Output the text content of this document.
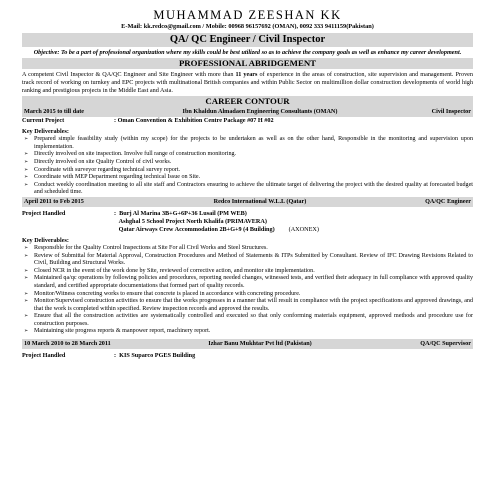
MUHAMMAD ZEESHAN KK
E-Mail: kk.redco@gmail.com / Mobile: 00968 96157692 (OMAN), 0092 333 9411159(Pakistan)
QA/ QC Engineer / Civil Inspector
Objective: To be a part of professional organization where my skills could be best utilized so as to achieve the company goals as well as enhance my career development.
PROFESSIONAL ABRIDGEMENT
A competent Civil Inspector & QA/QC Engineer and Site Engineer with more than 11 years of experience in the areas of construction, site supervision and management. Proven track record of working on turnkey and EPC projects with multinational British companies and within Public Sector on multimillion dollar construction developments of world high ranking and prestigious projects in the Middle East and Asia.
CAREER CONTOUR
March 2015 to till date	Ibn Khaldun Almadaen Engineering Consultants (OMAN)	Civil Inspector
Current Project	: Oman Convention & Exhibition Centre Package #07 H #02
Key Deliverables:
➢ Prepared simple feasibility study (within my scope) for the projects to be undertaken as well as on the other hand, Responsible in the monitoring and supervision upon implementation.
➢ Directly involved on site inspection. Involve full range of construction monitoring.
➢ Directly involved on site Quality Control of civil works.
➢ Coordinate with surveyor regarding technical survey report.
➢ Coordinate with MEP Department regarding technical Issue on Site.
➢ Conduct weekly coordination meeting to all site staff and Contractors ensuring to achieve the ultimate target of delivering the project with the desired quality at forecasted budget and scheduled time.
April 2011 to Feb 2015	Redco International W.L.L (Qatar)	QA/QC Engineer
Project Handled	:
Burj Al Marina 3B+G+6P+36 Lusail (PM WEB)

Ashghal 5 School Project North Khalifa (PRIMAVERA)

Qatar Airways Crew Accommodation 2B+G+9 (4 Building) (AXONEX)
Key Deliverables:
➢ Responsible for the Quality Control Inspections at Site For all Civil Works and Steel Structures.
➢ Review of Submittal for Material Approval, Construction Procedures and Method of Statements & ITPs Submitted by Consultant. Review of IFC Drawing Revisions Related to Civil, Building and Structural Works.
➢ Closed NCR in the event of the work done by Site, reviewed of corrective action, and monitor site implementation.
➢ Maintained qa/qc operations by following policies and procedures, reporting needed changes, witnessed tests, and verified their adequacy in full compliance with approved quality standard, and certified appropriate documentations that formed part of quality records.
➢ Monitor/Witness concreting works to ensure that concrete is placed in accordance with concreting procedure.
➢ Monitor/Supervised construction activities to ensure that the works progresses in a manner that will result in compliance with the project specifications and approved drawings, and that the work is completed within specified. Review inspection records and approved the results.
➢ Ensure that all the construction activities are systematically controlled and executed so that only conforming materials equipment, approved methods and procedure use for construction purposes.
➢ Maintaining site progress reports & manpower report, machinery report.
10 March 2010 to 28 March 2011	Izhar Banu Mukhtar Pvt ltd (Pakistan)	QA/QC Supervisor
Project Handled	:
KIS Suparco PGES Building
